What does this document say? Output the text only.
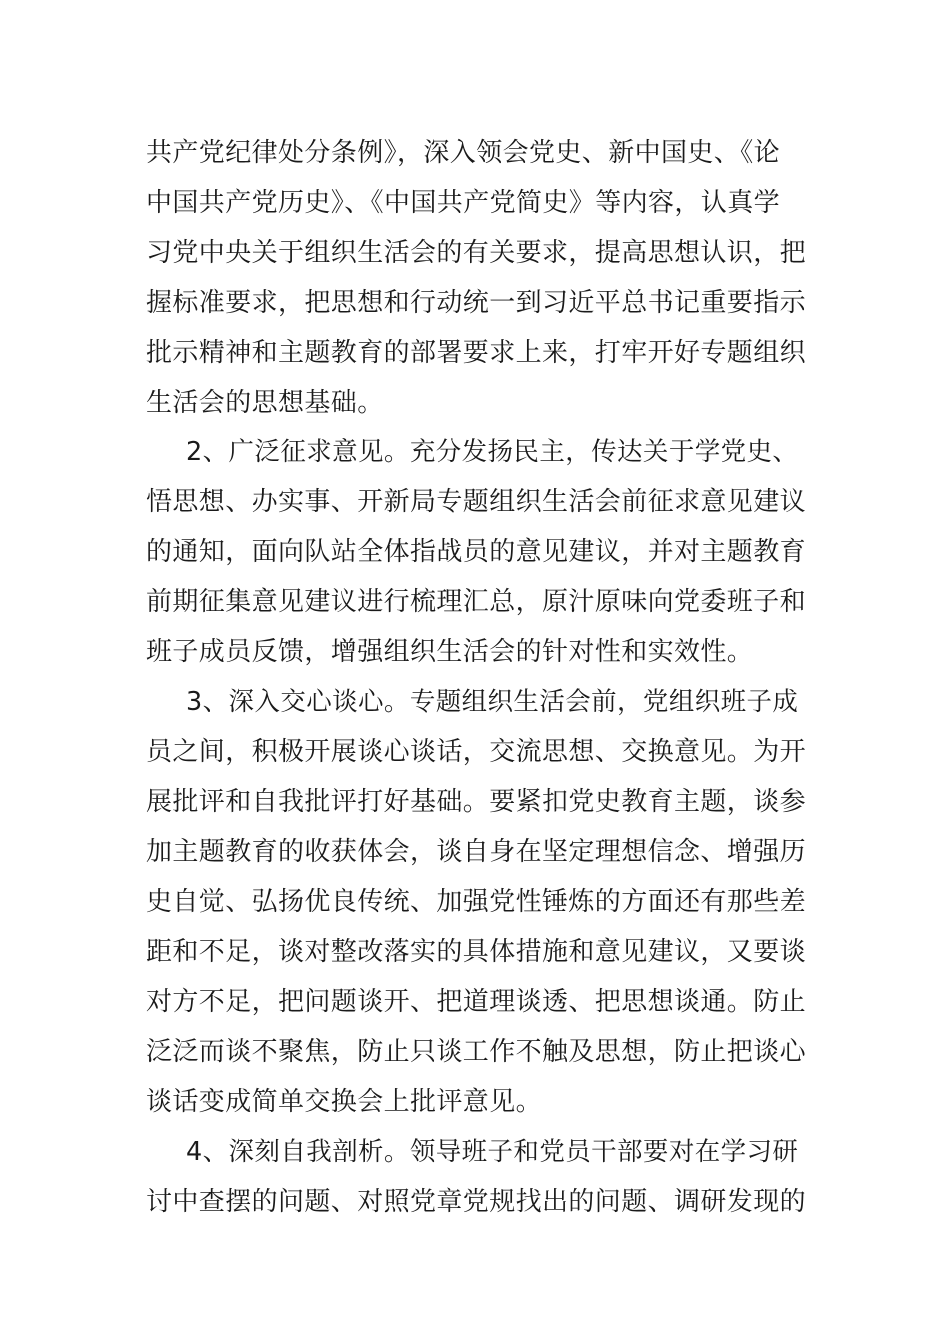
共产党纪律处分条例》，深入领会党史、新中国史、《论
中国共产党历史》、《中国共产党简史》等内容，认真学
习党中央关于组织生活会的有关要求，提高思想认识，把
握标准要求，把思想和行动统一到习近平总书记重要指示
批示精神和主题教育的部署要求上来，打牢开好专题组织
生活会的思想基础。
2、广泛征求意见。充分发扬民主，传达关于学党史、
悟思想、办实事、开新局专题组织生活会前征求意见建议
的通知，面向队站全体指战员的意见建议，并对主题教育
前期征集意见建议进行梳理汇总，原汁原味向党委班子和
班子成员反馈，增强组织生活会的针对性和实效性。
3、深入交心谈心。专题组织生活会前，党组织班子成
员之间，积极开展谈心谈话，交流思想、交换意见。为开
展批评和自我批评打好基础。要紧扣党史教育主题，谈参
加主题教育的收获体会，谈自身在坚定理想信念、增强历
史自觉、弘扬优良传统、加强党性锤炼的方面还有那些差
距和不足，谈对整改落实的具体措施和意见建议，又要谈
对方不足，把问题谈开、把道理谈透、把思想谈通。防止
泛泛而谈不聚焦，防止只谈工作不触及思想，防止把谈心
谈话变成简单交换会上批评意见。
4、深刻自我剖析。领导班子和党员干部要对在学习研
讨中查摆的问题、对照党章党规找出的问题、调研发现的
